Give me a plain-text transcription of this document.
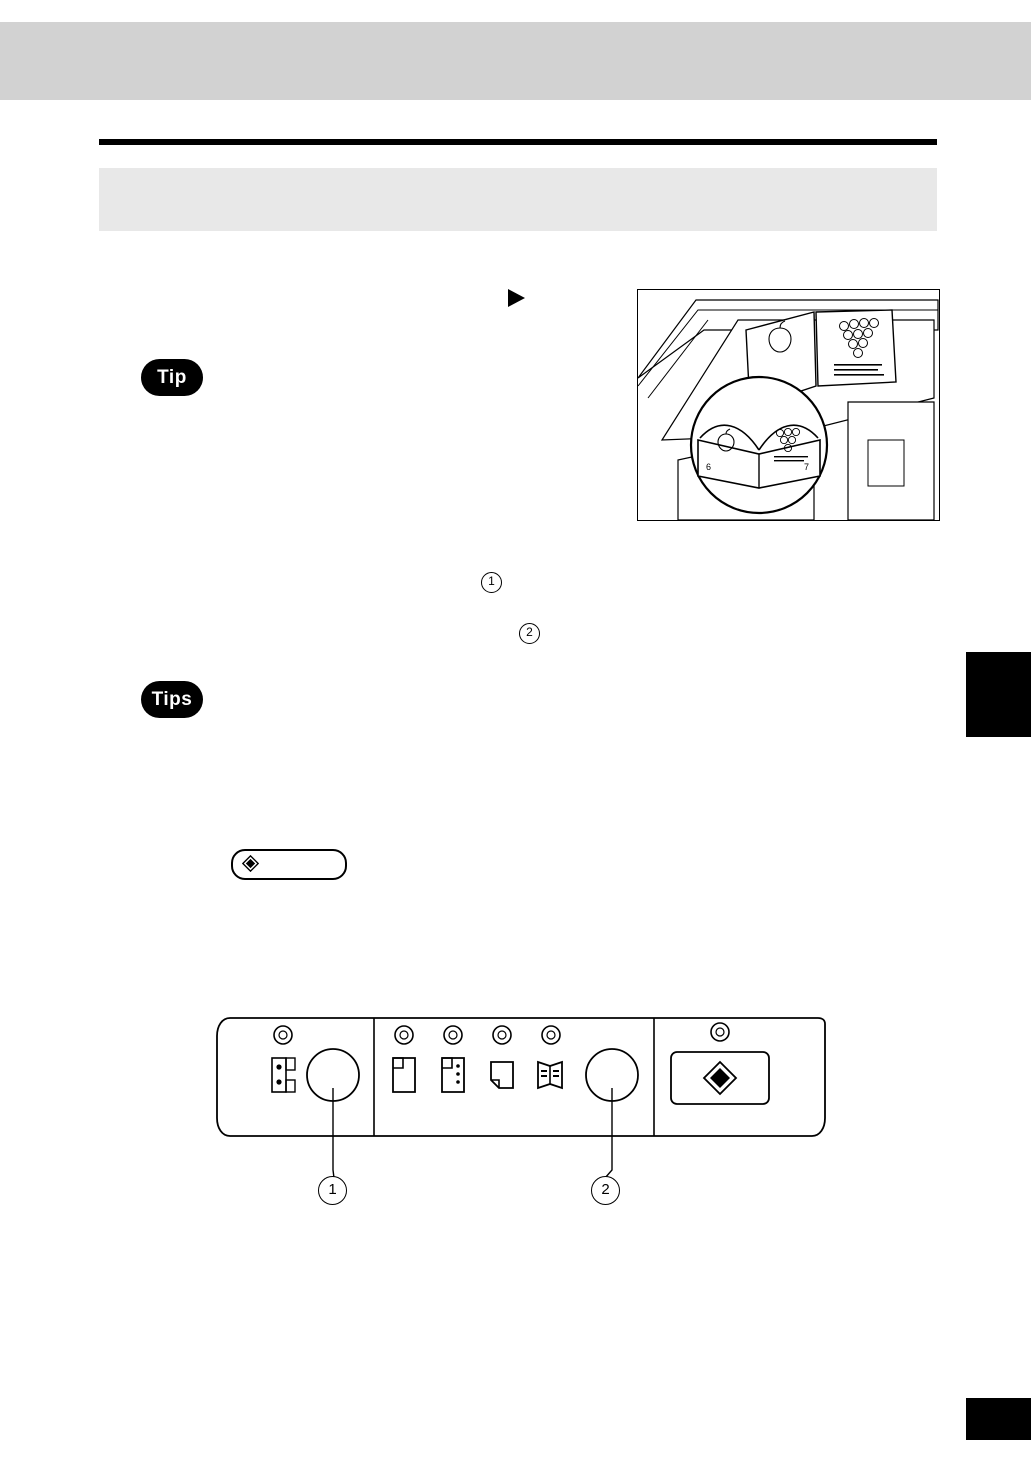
Tip
Tips
1
2
6	7
1	2
